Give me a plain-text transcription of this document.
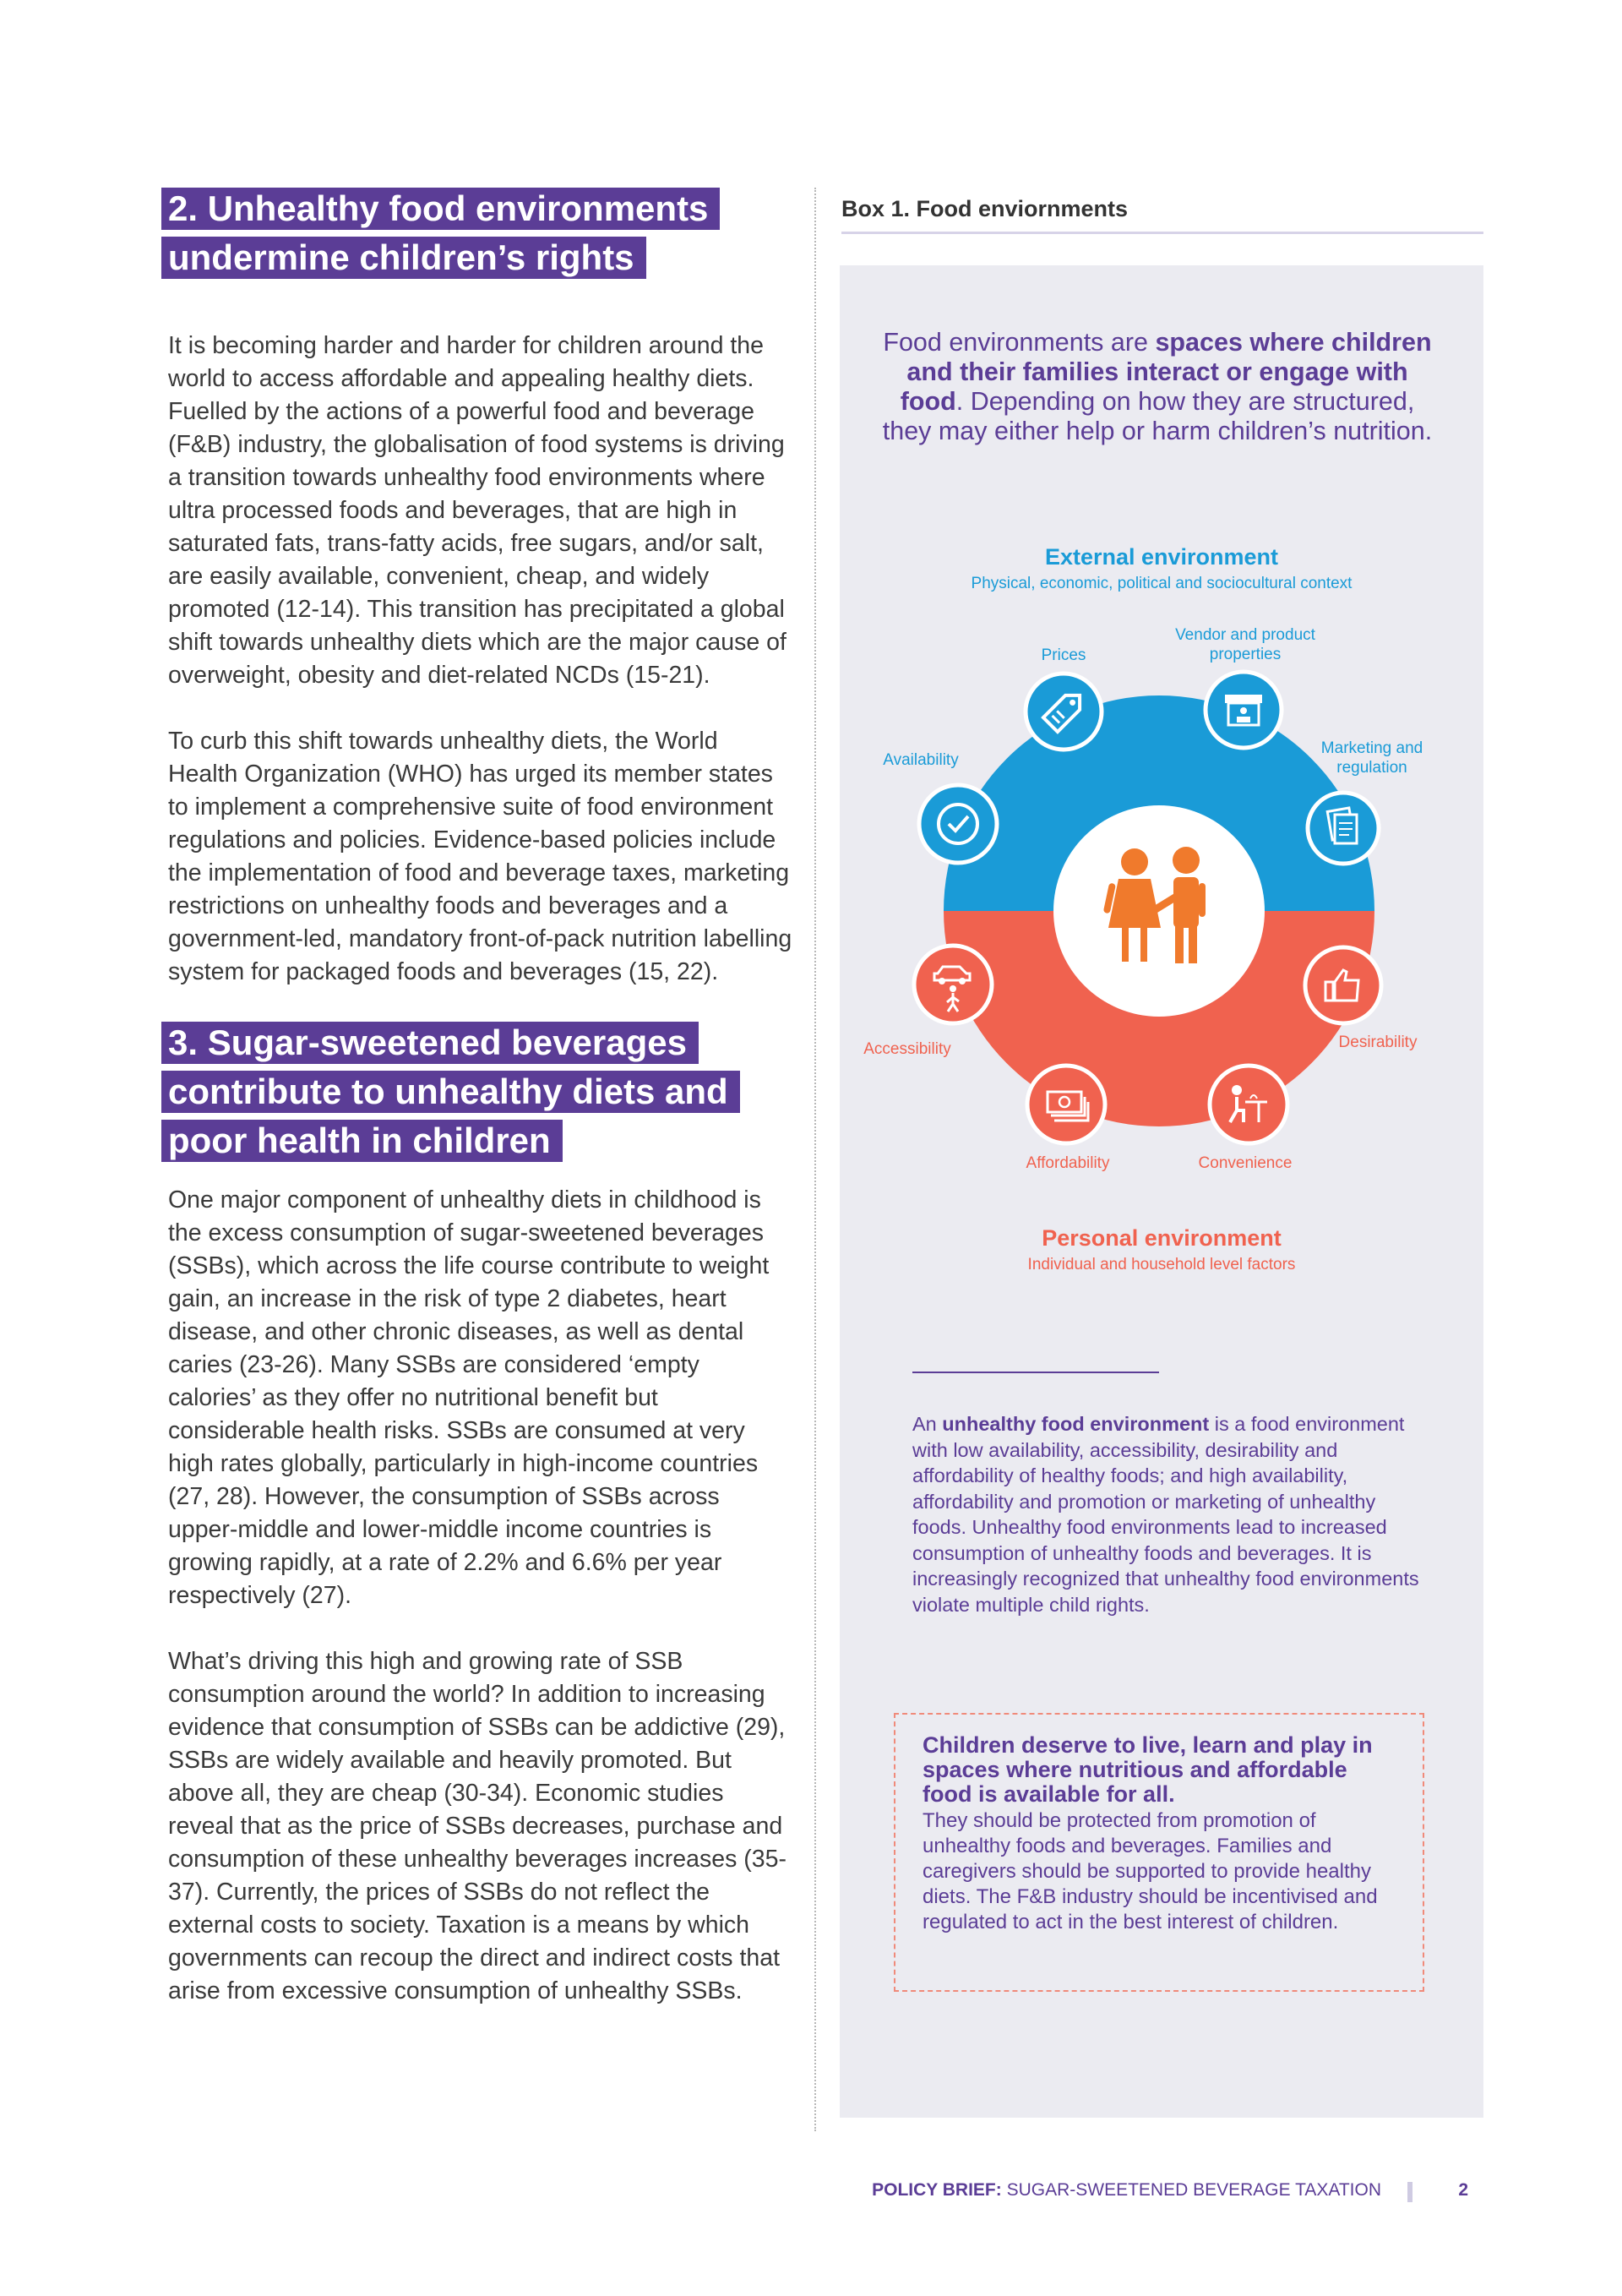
2. Unhealthy food environments
undermine children’s rights

It is becoming harder and harder for children around the world to access affordable and appealing healthy diets. Fuelled by the actions of a powerful food and beverage (F&B) industry, the globalisation of food systems is driving a transition towards unhealthy food environments where ultra processed foods and beverages, that are high in saturated fats, trans-fatty acids, free sugars, and/or salt, are easily available, convenient, cheap, and widely promoted (12-14). This transition has precipitated a global shift towards unhealthy diets which are the major cause of overweight, obesity and diet-related NCDs (15-21).

To curb this shift towards unhealthy diets, the World Health Organization (WHO) has urged its member states to implement a comprehensive suite of food environment regulations and policies. Evidence-based policies include the implementation of food and beverage taxes, marketing restrictions on unhealthy foods and beverages and a government-led, mandatory front-of-pack nutrition labelling system for packaged foods and beverages (15, 22).

3. Sugar-sweetened beverages
contribute to unhealthy diets and
poor health in children

One major component of unhealthy diets in childhood is the excess consumption of sugar-sweetened beverages (SSBs), which across the life course contribute to weight gain, an increase in the risk of type 2 diabetes, heart disease, and other chronic diseases, as well as dental caries (23-26). Many SSBs are considered ‘empty calories’ as they offer no nutritional benefit but considerable health risks. SSBs are consumed at very high rates globally, particularly in high-income countries (27, 28). However, the consumption of SSBs across upper-middle and lower-middle income countries is growing rapidly, at a rate of 2.2% and 6.6% per year respectively (27).

What’s driving this high and growing rate of SSB consumption around the world? In addition to increasing evidence that consumption of SSBs can be addictive (29), SSBs are widely available and heavily promoted. But above all, they are cheap (30-34). Economic studies reveal that as the price of SSBs decreases, purchase and consumption of these unhealthy beverages increases (35-37). Currently, the prices of SSBs do not reflect the external costs to society. Taxation is a means by which governments can recoup the direct and indirect costs that arise from excessive consumption of unhealthy SSBs.

Box 1. Food enviornments
Food environments are spaces where children and their families interact or engage with food. Depending on how they are structured, they may either help or harm children’s nutrition.
External environment
Physical, economic, political and sociocultural context
Prices
Vendor and product properties
Marketing and regulation
Availability
Accessibility	Desirability
Affordability	Convenience
Personal environment
Individual and household level factors
An unhealthy food environment is a food environment with low availability, accessibility, desirability and affordability of healthy foods; and high availability, affordability and promotion or marketing of unhealthy foods. Unhealthy food environments lead to increased consumption of unhealthy foods and beverages. It is increasingly recognized that unhealthy food environments violate multiple child rights.
Children deserve to live, learn and play in spaces where nutritious and affordable food is available for all.
They should be protected from promotion of unhealthy foods and beverages. Families and caregivers should be supported to provide healthy diets. The F&B industry should be incentivised and regulated to act in the best interest of children.
POLICY BRIEF: SUGAR-SWEETENED BEVERAGE TAXATION	2
